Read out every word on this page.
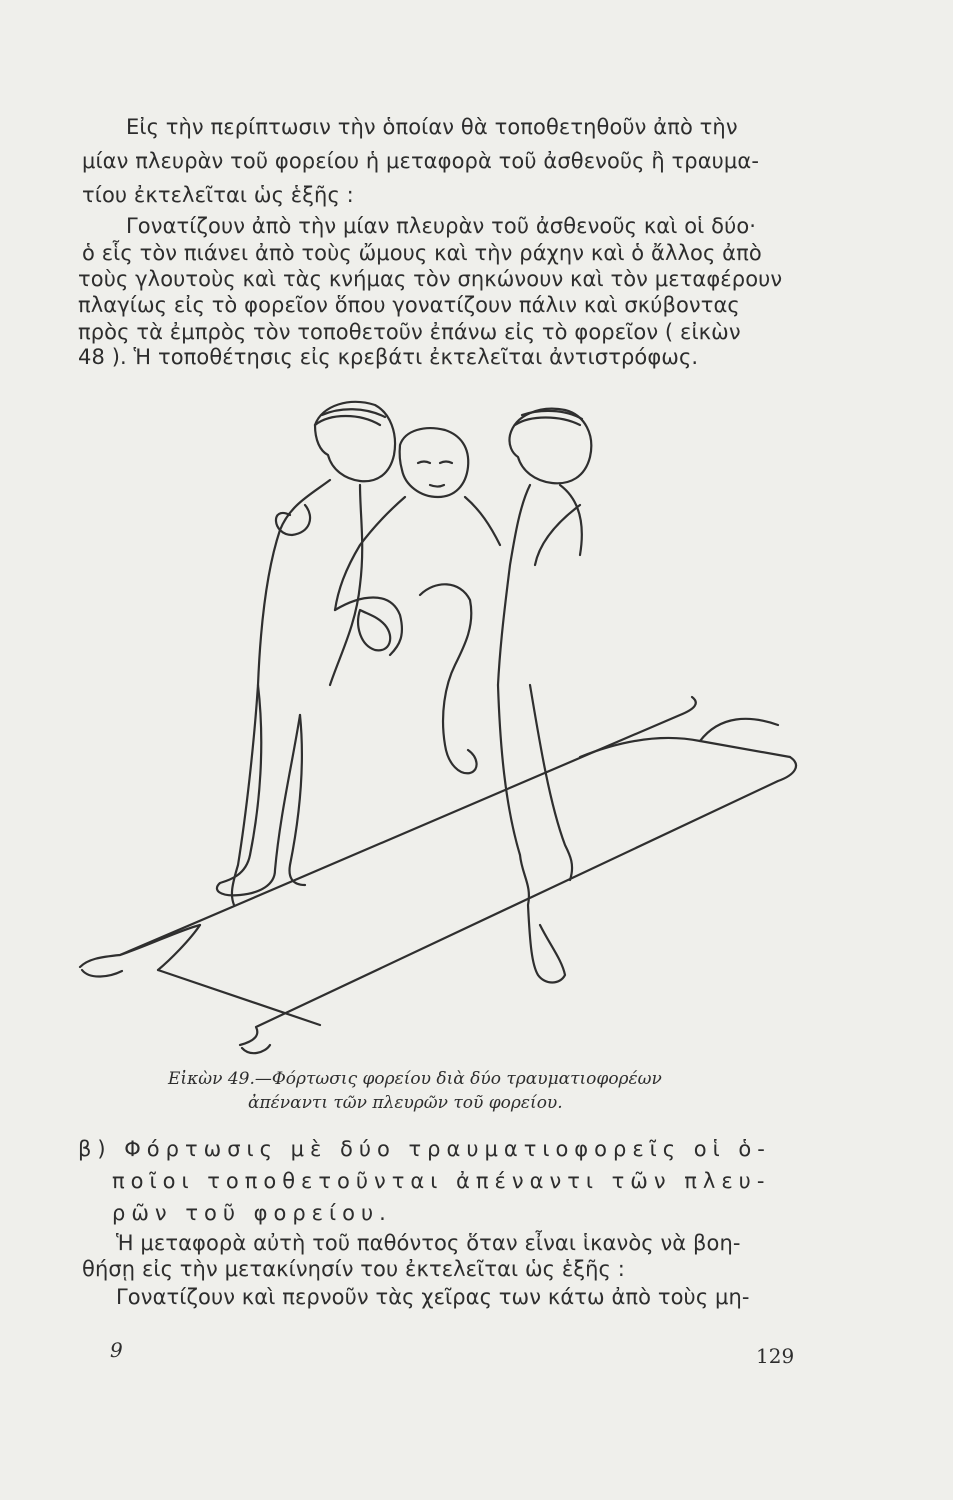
Εἰς τὴν περίπτωσιν τὴν ὁποίαν θὰ τοποθετηθοῦν ἀπὸ τὴν
μίαν πλευρὰν τοῦ φορείου ἡ μεταφορὰ τοῦ ἀσθενοῦς ἢ τραυμα-
τίου ἐκτελεῖται ὡς ἑξῆς :
Γονατίζουν ἀπὸ τὴν μίαν πλευρὰν τοῦ ἀσθενοῦς καὶ οἱ δύο·
ὁ εἷς τὸν πιάνει ἀπὸ τοὺς ὤμους καὶ τὴν ράχην καὶ ὁ ἄλλος ἀπὸ
τοὺς γλουτοὺς καὶ τὰς κνήμας τὸν σηκώνουν καὶ τὸν μεταφέρουν
πλαγίως εἰς τὸ φορεῖον ὅπου γονατίζουν πάλιν καὶ σκύβοντας
πρὸς τὰ ἐμπρὸς τὸν τοποθετοῦν ἐπάνω εἰς τὸ φορεῖον ( εἰκὼν
48 ). Ἡ τοποθέτησις εἰς κρεβάτι ἐκτελεῖται ἀντιστρόφως.
Εἰκὼν 49.—Φόρτωσις φορείου διὰ δύο τραυματιοφορέων
ἀπέναντι τῶν πλευρῶν τοῦ φορείου.
β) Φόρτωσις μὲ δύο τραυματιοφορεῖς οἱ ὁ-
ποῖοι τοποθετοῦνται ἀπέναντι τῶν πλευ-
ρῶν τοῦ φορείου.
Ἡ μεταφορὰ αὐτὴ τοῦ παθόντος ὅταν εἶναι ἱκανὸς νὰ βοη-
θήσῃ εἰς τὴν μετακίνησίν του ἐκτελεῖται ὡς ἑξῆς :
Γονατίζουν καὶ περνοῦν τὰς χεῖρας των κάτω ἀπὸ τοὺς μη-
9	129
